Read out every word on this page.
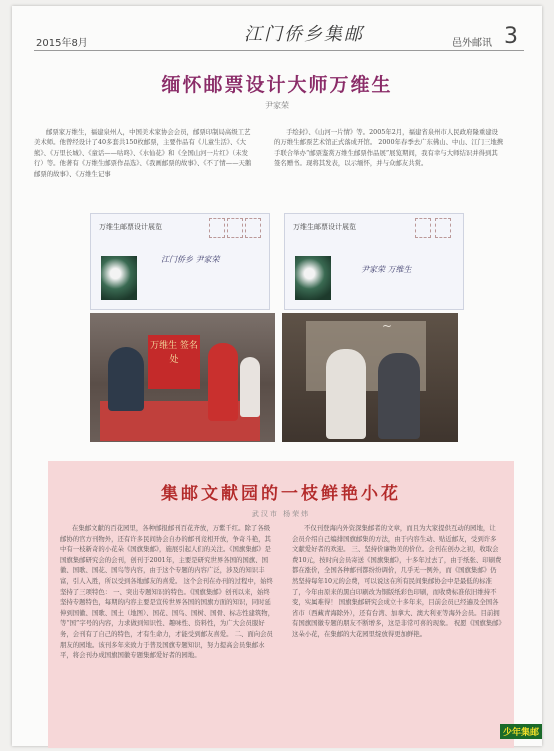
2015年8月	江门侨乡集邮	邑外邮讯 3
缅怀邮票设计大师万维生
尹家荣

邮票家万维生，福建泉州人，中国美术家协会会员，邮票印制局高级工艺美术师。他曾经设计了40多套共150枚邮票，主要作品有《儿童生活》、《大熊》、《万里长城》、《童话——咕咚》、《水仙花》和《全国山河一片红》（未发行）等。他著有《万维生邮票作品选》、《我画邮票的故事》、《不了情——天鹅邮票的故事》、《万维生记事

手绘封》、《山河一片情》等。2005年2月，福建省泉州市人民政府隆重建设的万维生邮票艺术馆正式落成开馆。 2000年春季去广东佛山、中山、江门三地携手联合举办“邮票鉴赏万维生邮票作品展”展览期间，我有幸与大师结识并得到其签名赠书。现将其发表，以示缅怀，并与众邮友共赏。

万维生邮票设计展览
江门侨乡 尹家荣
万维生邮票设计展览
尹家荣 万维生
万维生 签名处
~
集邮文献园的一枝鲜艳小花
武汉市 杨荣炜

在集邮文献的百花园里，各种邮报邮刊百花齐放，万紫千红。除了各级邮协的官方刊物外，还有许多民间协会自办的邮刊竞相开放，争奇斗艳，其中有一枝新奇的小花朵《国旗集邮》，施展引起人们的关注。《国旗集邮》是国旗集邮研究会的会刊，创刊于2001年，主要是研究世界各国的国旗、国徽、国歌、国花、国鸟等内容，由于这个专题的内容广泛，涉及的知识丰富，引人入胜，所以受到各地邮友的喜爱。 这个会刊在办刊的过程中，始终坚持了三项特色： 一、突出专题知识的特色。《国旗集邮》创刊以来，始终坚持专题特色，每期的内容主要是宣传世界各国的国旗方面的知识，同时延伸到国徽、国歌、国土（地图）、国花、国鸟、国树、国骨、标志性建筑物，等“国”字号的内容，力求做到知识性、趣味性、资料性，为广大会员服好务，会刊有了自己的特色，才有生命力，才能受到邮友喜爱。 二、面向会员朋友的园地。该刊多年来致力于普及国旗专题知识，努力提高会员集邮水平，将会刊办成国旗国徽专题集邮爱好者的园地。

不仅刊登海内外资深集邮者的文章，而且为大家提供互动的园地，让会员介绍自己编排国旗邮集的方法，由于内容生动、贴近邮友，受到许多文献爱好者的欢迎。 三、坚持价廉物美的价位。会刊在创办之初，收取会费10元，按时向会员寄送《国旗集邮》，十多年过去了，由于纸张、印刷费都在涨价，全国各种邮刊都纷纷调价，几乎无一例外，而《国旗集邮》仍然坚持每年10元的会费，可以说这在所有民间集邮协会中是最低的标准了，今年由原来的黑白印刷改为铜版纸彩色印刷，而收费标准依旧维持不变，实属难得！ 国旗集邮研究会成立十多年来，目前会员已经遍及全国各省市（西藏青海除外），还有台湾、加拿大、澳大利亚等海外会员。目前拥有国旗国徽专题的朋友不断增多，这是非常可喜的现象。 祝愿《国旗集邮》这朵小花，在集邮的大花园里绽放得更加鲜艳。

少年集邮
